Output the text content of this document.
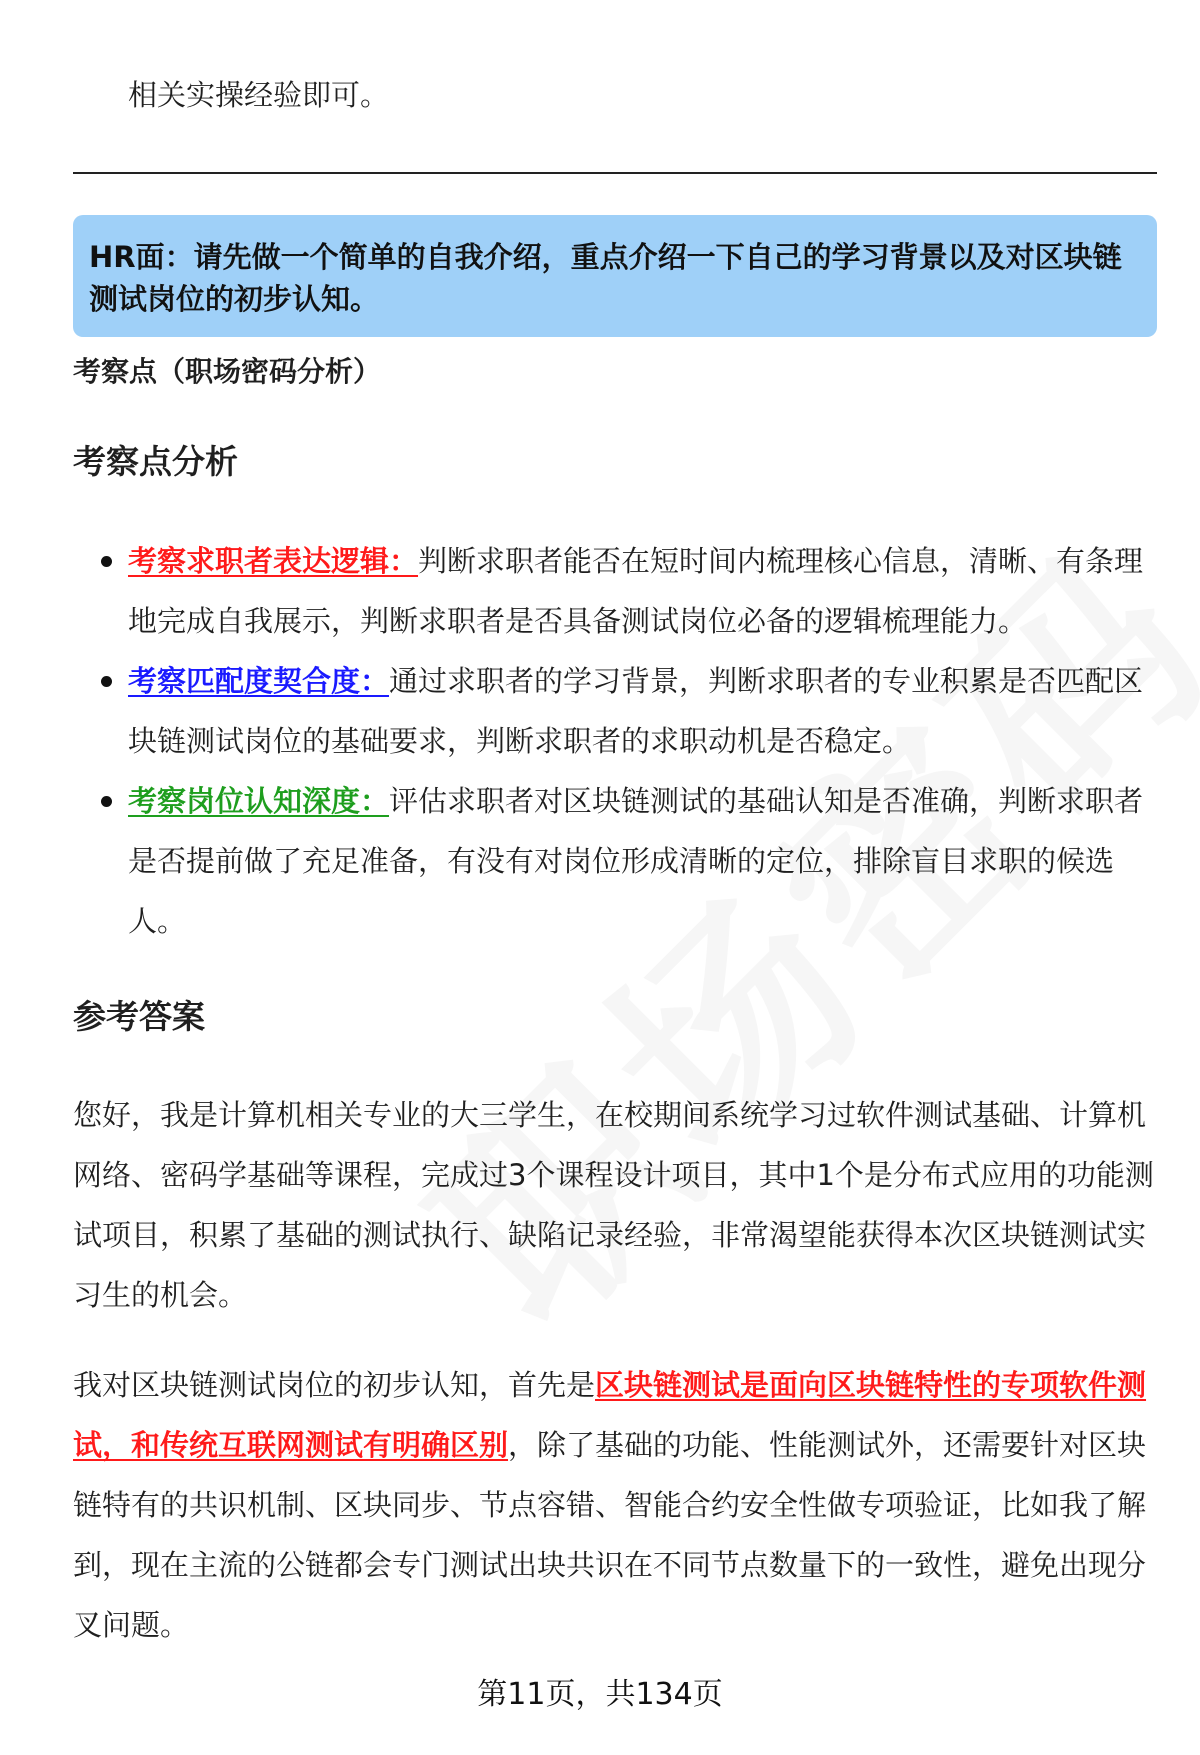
相关实操经验即可。
HR面：请先做一个简单的自我介绍，重点介绍一下自己的学习背景以及对区块链测试岗位的初步认知。
考察点（职场密码分析）
考察点分析
考察求职者表达逻辑：判断求职者能否在短时间内梳理核心信息，清晰、有条理地完成自我展示，判断求职者是否具备测试岗位必备的逻辑梳理能力。
考察匹配度契合度：通过求职者的学习背景，判断求职者的专业积累是否匹配区块链测试岗位的基础要求，判断求职者的求职动机是否稳定。
考察岗位认知深度：评估求职者对区块链测试的基础认知是否准确，判断求职者是否提前做了充足准备，有没有对岗位形成清晰的定位，排除盲目求职的候选人。
参考答案

您好，我是计算机相关专业的大三学生，在校期间系统学习过软件测试基础、计算机网络、密码学基础等课程，完成过3个课程设计项目，其中1个是分布式应用的功能测试项目，积累了基础的测试执行、缺陷记录经验，非常渴望能获得本次区块链测试实习生的机会。

我对区块链测试岗位的初步认知，首先是区块链测试是面向区块链特性的专项软件测试，和传统互联网测试有明确区别，除了基础的功能、性能测试外，还需要针对区块链特有的共识机制、区块同步、节点容错、智能合约安全性做专项验证，比如我了解到，现在主流的公链都会专门测试出块共识在不同节点数量下的一致性，避免出现分叉问题。

第11页，共134页
